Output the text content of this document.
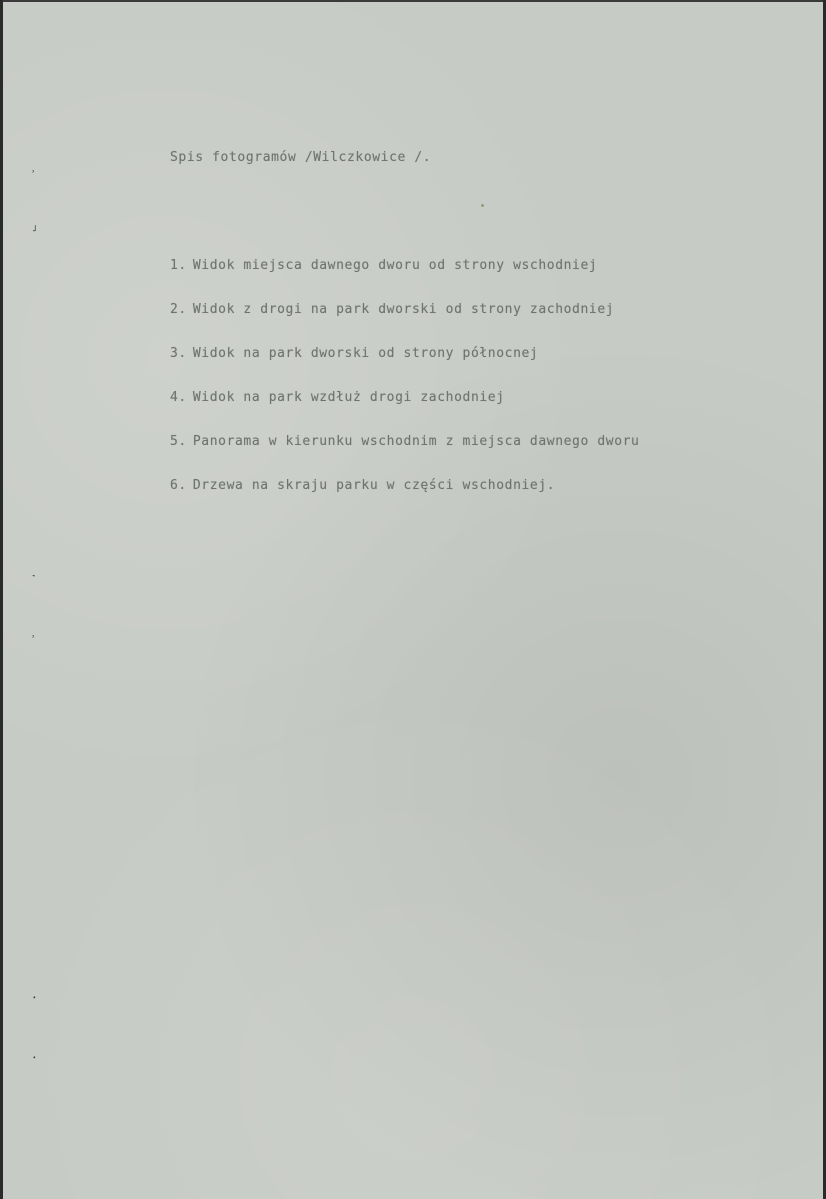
˒
˩
˺
˒
˔
˔
Spis fotogramów /Wilczkowice /.
1. Widok miejsca dawnego dworu od strony wschodniej
2. Widok z drogi na park dworski od strony zachodniej
3. Widok na park dworski od strony północnej
4. Widok na park wzdłuż drogi zachodniej
5. Panorama w kierunku wschodnim z miejsca dawnego dworu
6. Drzewa na skraju parku w części wschodniej.
